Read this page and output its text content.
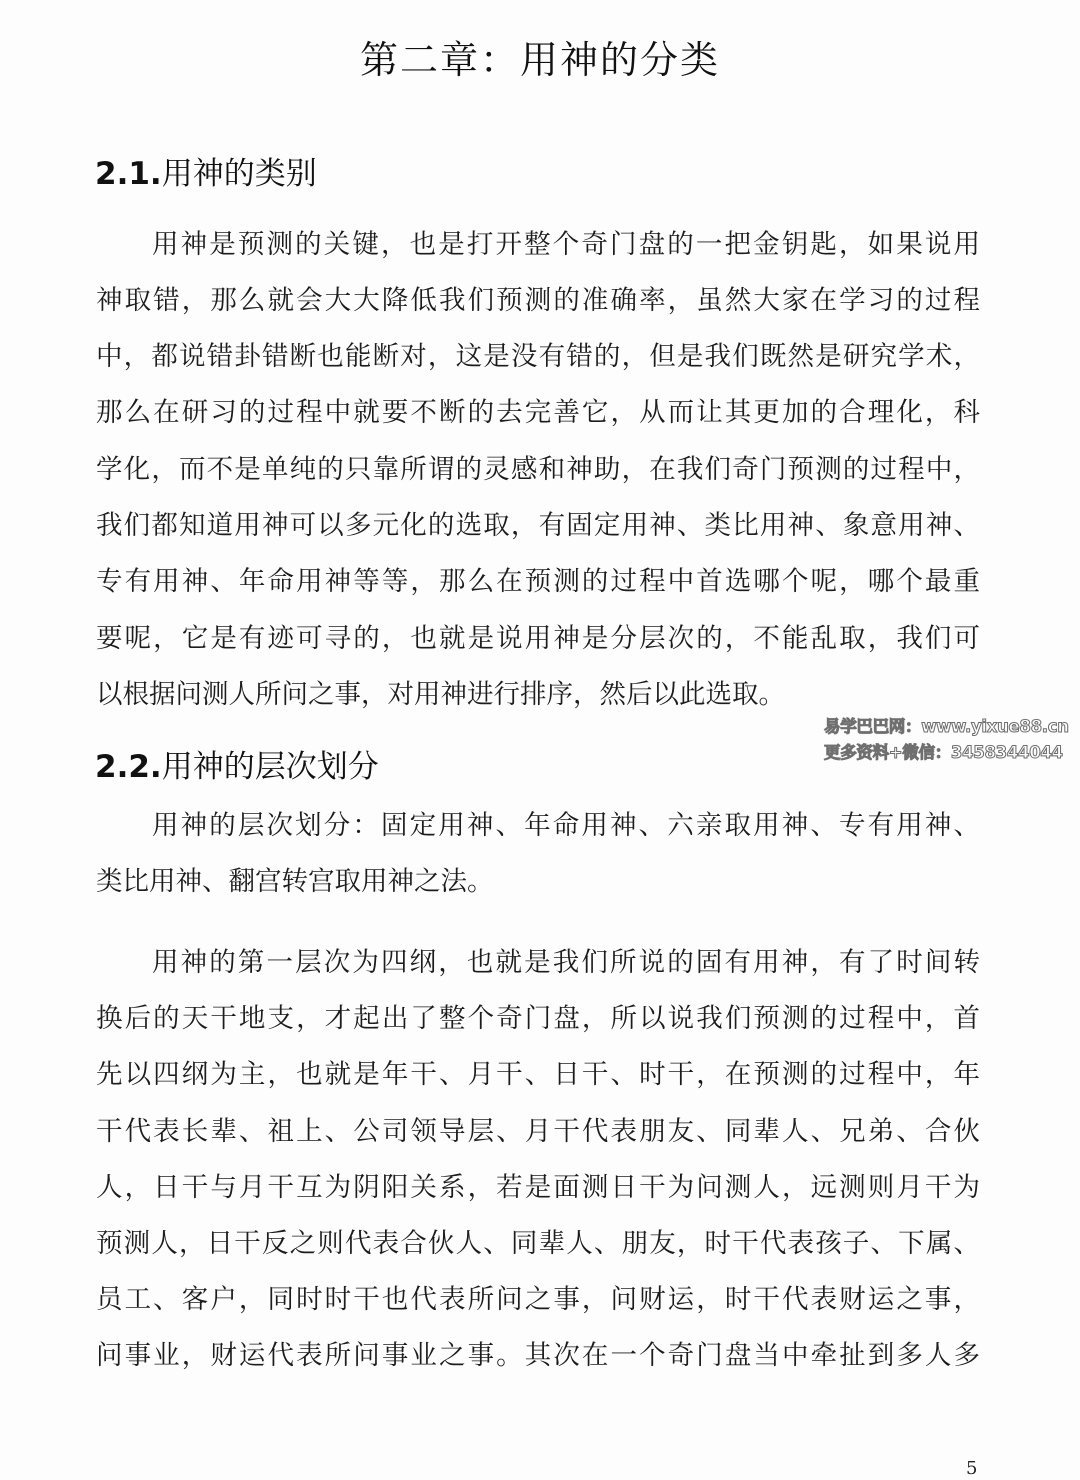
第二章：用神的分类
2.1.用神的类别
用神是预测的关键，也是打开整个奇门盘的一把金钥匙，如果说用
神取错，那么就会大大降低我们预测的准确率，虽然大家在学习的过程
中，都说错卦错断也能断对，这是没有错的，但是我们既然是研究学术，
那么在研习的过程中就要不断的去完善它，从而让其更加的合理化，科
学化，而不是单纯的只靠所谓的灵感和神助，在我们奇门预测的过程中，
我们都知道用神可以多元化的选取，有固定用神、类比用神、象意用神、
专有用神、年命用神等等，那么在预测的过程中首选哪个呢，哪个最重
要呢，它是有迹可寻的，也就是说用神是分层次的，不能乱取，我们可
以根据问测人所问之事，对用神进行排序，然后以此选取。
易学巴巴网：www.yixue88.cn
更多资料+微信：3458344044
2.2.用神的层次划分
用神的层次划分：固定用神、年命用神、六亲取用神、专有用神、
类比用神、翻宫转宫取用神之法。
用神的第一层次为四纲，也就是我们所说的固有用神，有了时间转
换后的天干地支，才起出了整个奇门盘，所以说我们预测的过程中，首
先以四纲为主，也就是年干、月干、日干、时干，在预测的过程中，年
干代表长辈、祖上、公司领导层、月干代表朋友、同辈人、兄弟、合伙
人，日干与月干互为阴阳关系，若是面测日干为问测人，远测则月干为
预测人，日干反之则代表合伙人、同辈人、朋友，时干代表孩子、下属、
员工、客户，同时时干也代表所问之事，问财运，时干代表财运之事，
问事业，财运代表所问事业之事。其次在一个奇门盘当中牵扯到多人多
5
